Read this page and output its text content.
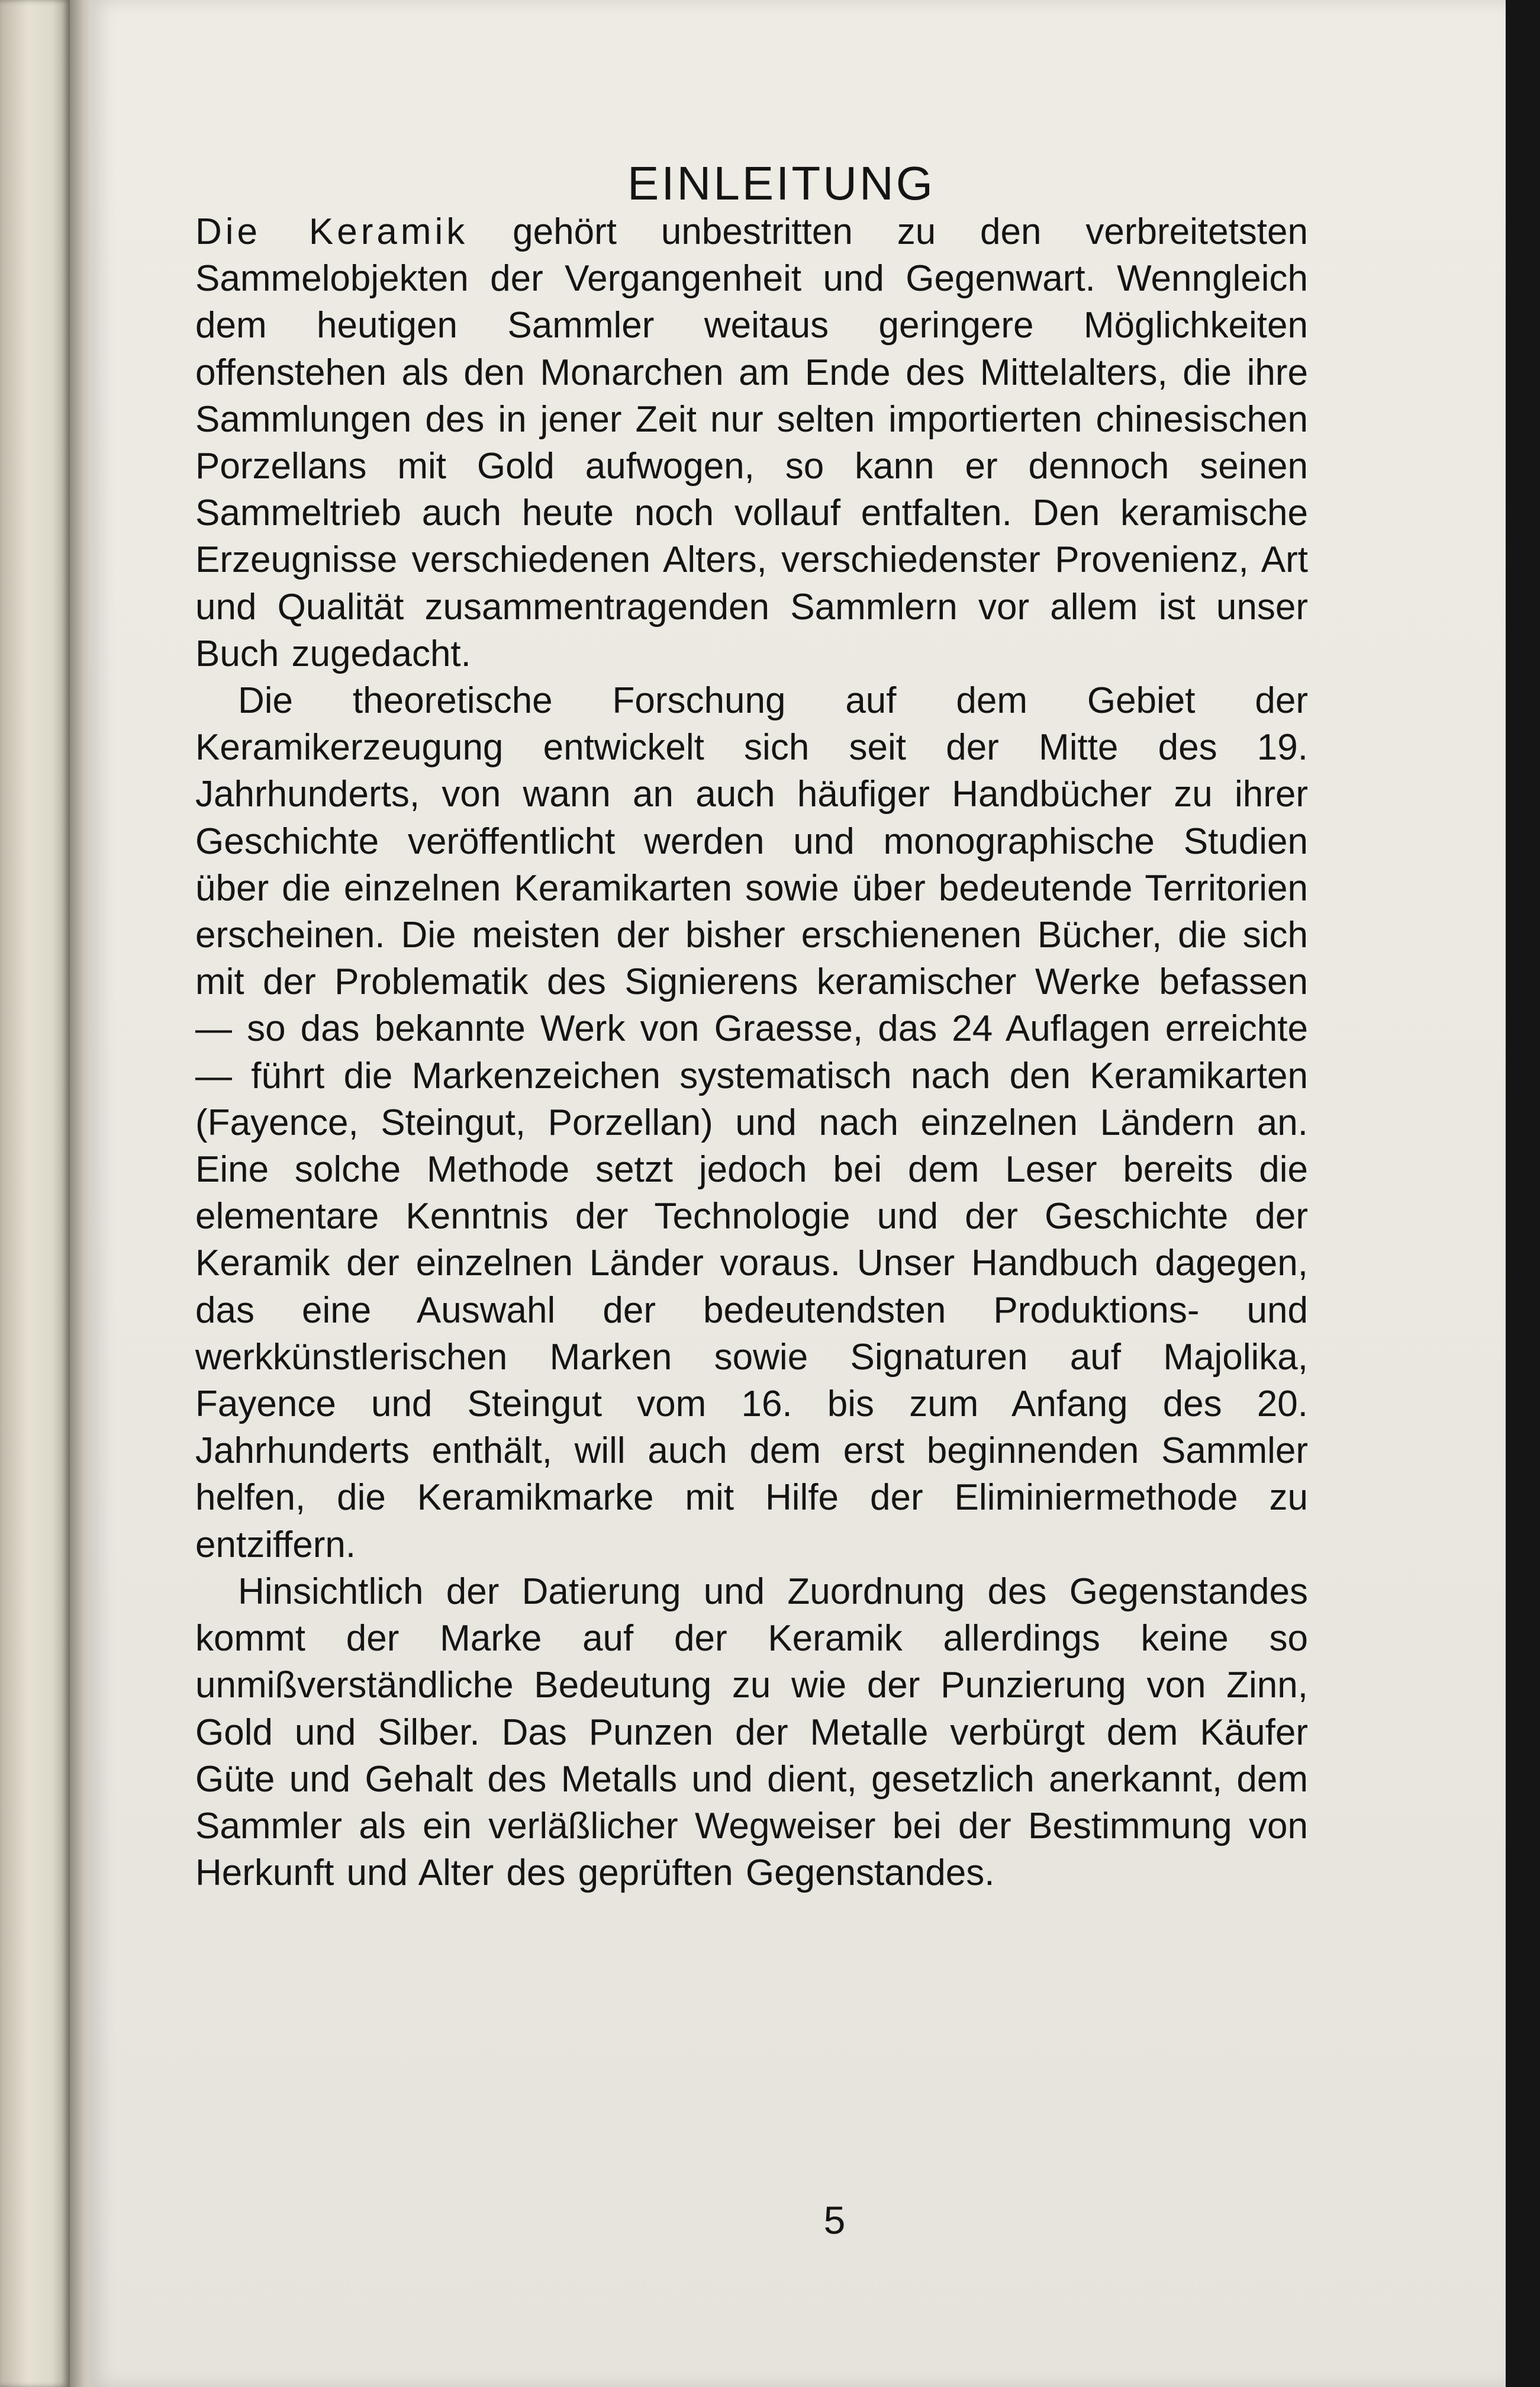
EINLEITUNG

Die Keramik gehört unbestritten zu den verbreitetsten Sammelobjekten der Vergangenheit und Gegenwart. Wenngleich dem heutigen Sammler weitaus geringere Möglichkeiten offenstehen als den Monarchen am Ende des Mittelalters, die ihre Sammlungen des in jener Zeit nur selten importierten chinesischen Porzellans mit Gold aufwogen, so kann er dennoch seinen Sammeltrieb auch heute noch vollauf entfalten. Den keramische Erzeugnisse verschiedenen Alters, verschiedenster Provenienz, Art und Qualität zusammentragenden Sammlern vor allem ist unser Buch zugedacht.

Die theoretische Forschung auf dem Gebiet der Keramikerzeugung entwickelt sich seit der Mitte des 19. Jahrhunderts, von wann an auch häufiger Handbücher zu ihrer Geschichte veröffentlicht werden und monographische Studien über die einzelnen Keramikarten sowie über bedeutende Territorien erscheinen. Die meisten der bisher erschienenen Bücher, die sich mit der Problematik des Signierens keramischer Werke befassen — so das bekannte Werk von Graesse, das 24 Auflagen erreichte — führt die Markenzeichen systematisch nach den Keramikarten (Fayence, Steingut, Porzellan) und nach einzelnen Ländern an. Eine solche Methode setzt jedoch bei dem Leser bereits die elementare Kenntnis der Technologie und der Geschichte der Keramik der einzelnen Länder voraus. Unser Handbuch dagegen, das eine Auswahl der bedeutendsten Produktions- und werkkünstlerischen Marken sowie Signaturen auf Majolika, Fayence und Steingut vom 16. bis zum Anfang des 20. Jahrhunderts enthält, will auch dem erst beginnenden Sammler helfen, die Keramikmarke mit Hilfe der Eliminiermethode zu entziffern.

Hinsichtlich der Datierung und Zuordnung des Gegenstandes kommt der Marke auf der Keramik allerdings keine so unmißverständliche Bedeutung zu wie der Punzierung von Zinn, Gold und Silber. Das Punzen der Metalle verbürgt dem Käufer Güte und Gehalt des Metalls und dient, gesetzlich anerkannt, dem Sammler als ein verläßlicher Wegweiser bei der Bestimmung von Herkunft und Alter des geprüften Gegenstandes.

5
